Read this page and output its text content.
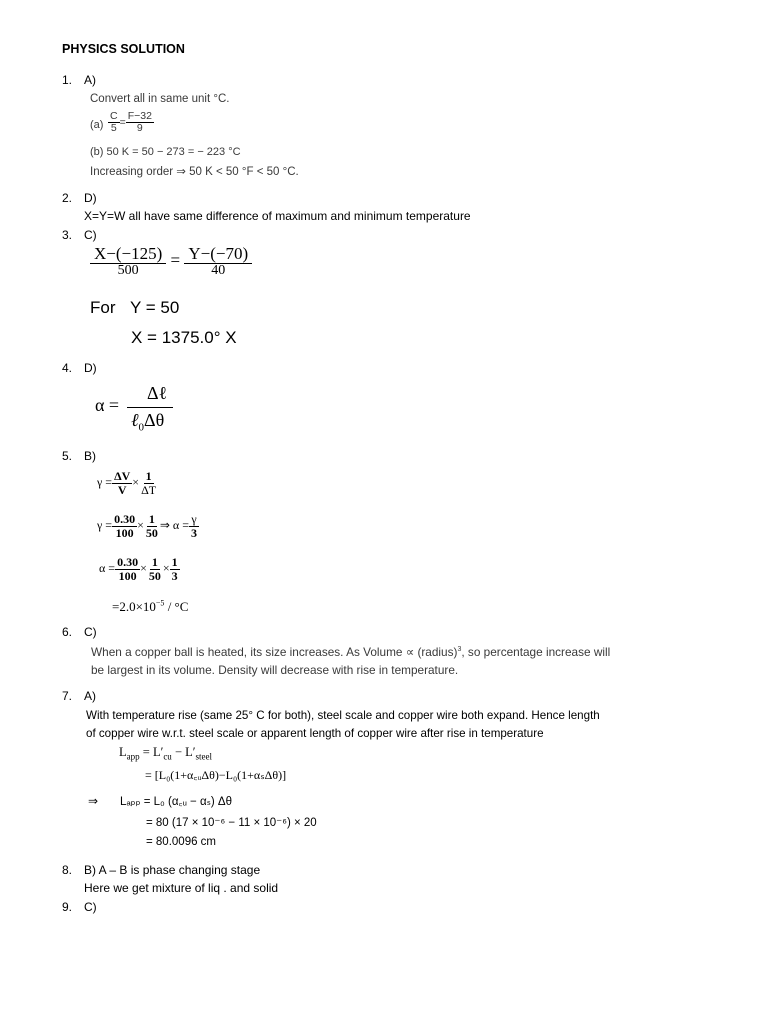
PHYSICS SOLUTION
1. A)
Convert all in same unit °C.
$(a) \frac{C}{5} = \frac{F-32}{9}$
(b) 50 K = 50 − 273 = − 223 °C
Increasing order ⇒ 50 K < 50 °F < 50 °C.
2. D)
X=Y=W all have same difference of maximum and minimum temperature
3. C)
$\frac{X-(-125)}{500} = \frac{Y-(-70)}{40}$
For Y = 50
X = 1375.0° X
4. D)
α =
Δℓ
ℓ$_0$Δθ
5. B)
$\gamma = \frac{\Delta V}{V} \times \frac{1}{\Delta T}$
$\gamma = \frac{0.30}{100} \times \frac{1}{50}$ ⇒ $\alpha = \frac{\gamma}{3}$
$\alpha = \frac{0.30}{100} \times \frac{1}{50} \times \frac{1}{3}$
$=2.0\times 10^{-5} / ^\circ C$
6. C)
When a copper ball is heated, its size increases. As Volume ∝ (radius)$^3$, so percentage increase will
be largest in its volume. Density will decrease with rise in temperature.
7. A)
With temperature rise (same 25° C for both), steel scale and copper wire both expand. Hence length
of copper wire w.r.t. steel scale or apparent length of copper wire after rise in temperature
$L_{app} = L'_{cu} - L'_{steel}$
= [L₀(1+α꜀ᵤΔθ)−L₀(1+αₛΔθ)]
⇒ Lₐₚₚ = L₀ (α꜀ᵤ − αₛ) Δθ
= 80 (17 × 10⁻⁶ − 11 × 10⁻⁶) × 20
= 80.0096 cm
8. B) A – B is phase changing stage
Here we get mixture of liq . and solid
9. C)
